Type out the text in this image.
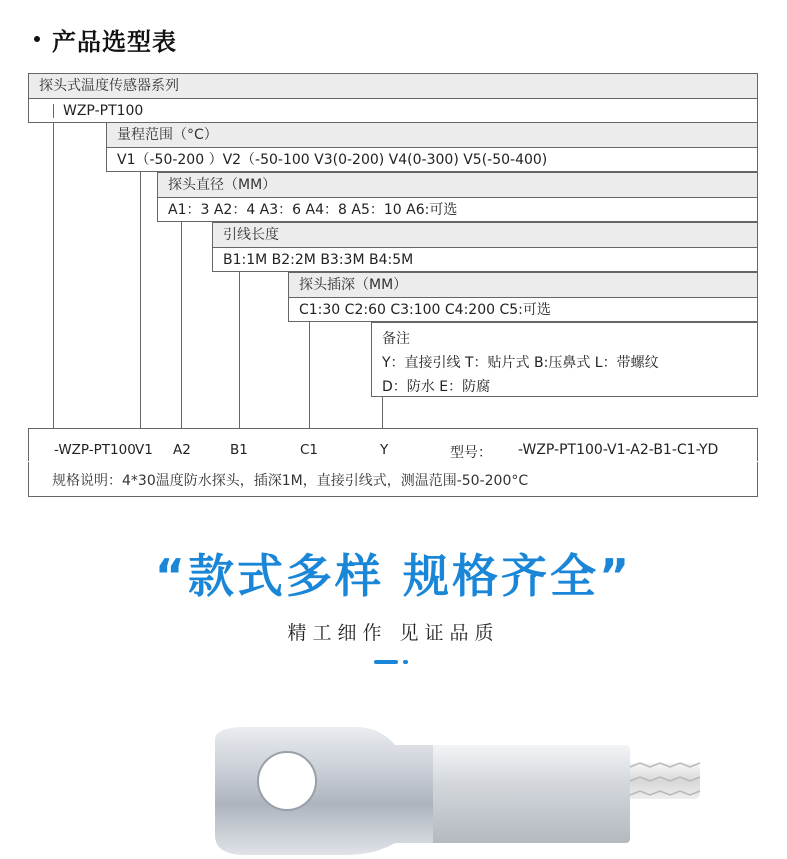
产品选型表
探头式温度传感器系列
WZP-PT100
量程范围（°C）
V1（-50-200 ）V2（-50-100 V3(0-200) V4(0-300) V5(-50-400)
探头直径（MM）
A1：3 A2：4 A3：6 A4：8 A5：10 A6:可选
引线长度
B1:1M B2:2M B3:3M B4:5M
探头插深（MM）
C1:30 C2:60 C3:100 C4:200 C5:可选
备注
Y：直接引线 T：贴片式 B:压鼻式 L：带螺纹
D：防水 E：防腐
-WZP-PT100 V1 A2	B1	C1	Y	型号： -WZP-PT100-V1-A2-B1-C1-YD
规格说明：4*30温度防水探头，插深1M，直接引线式，测温范围-50-200°C
“款式多样 规格齐全”
精工细作 见证品质
